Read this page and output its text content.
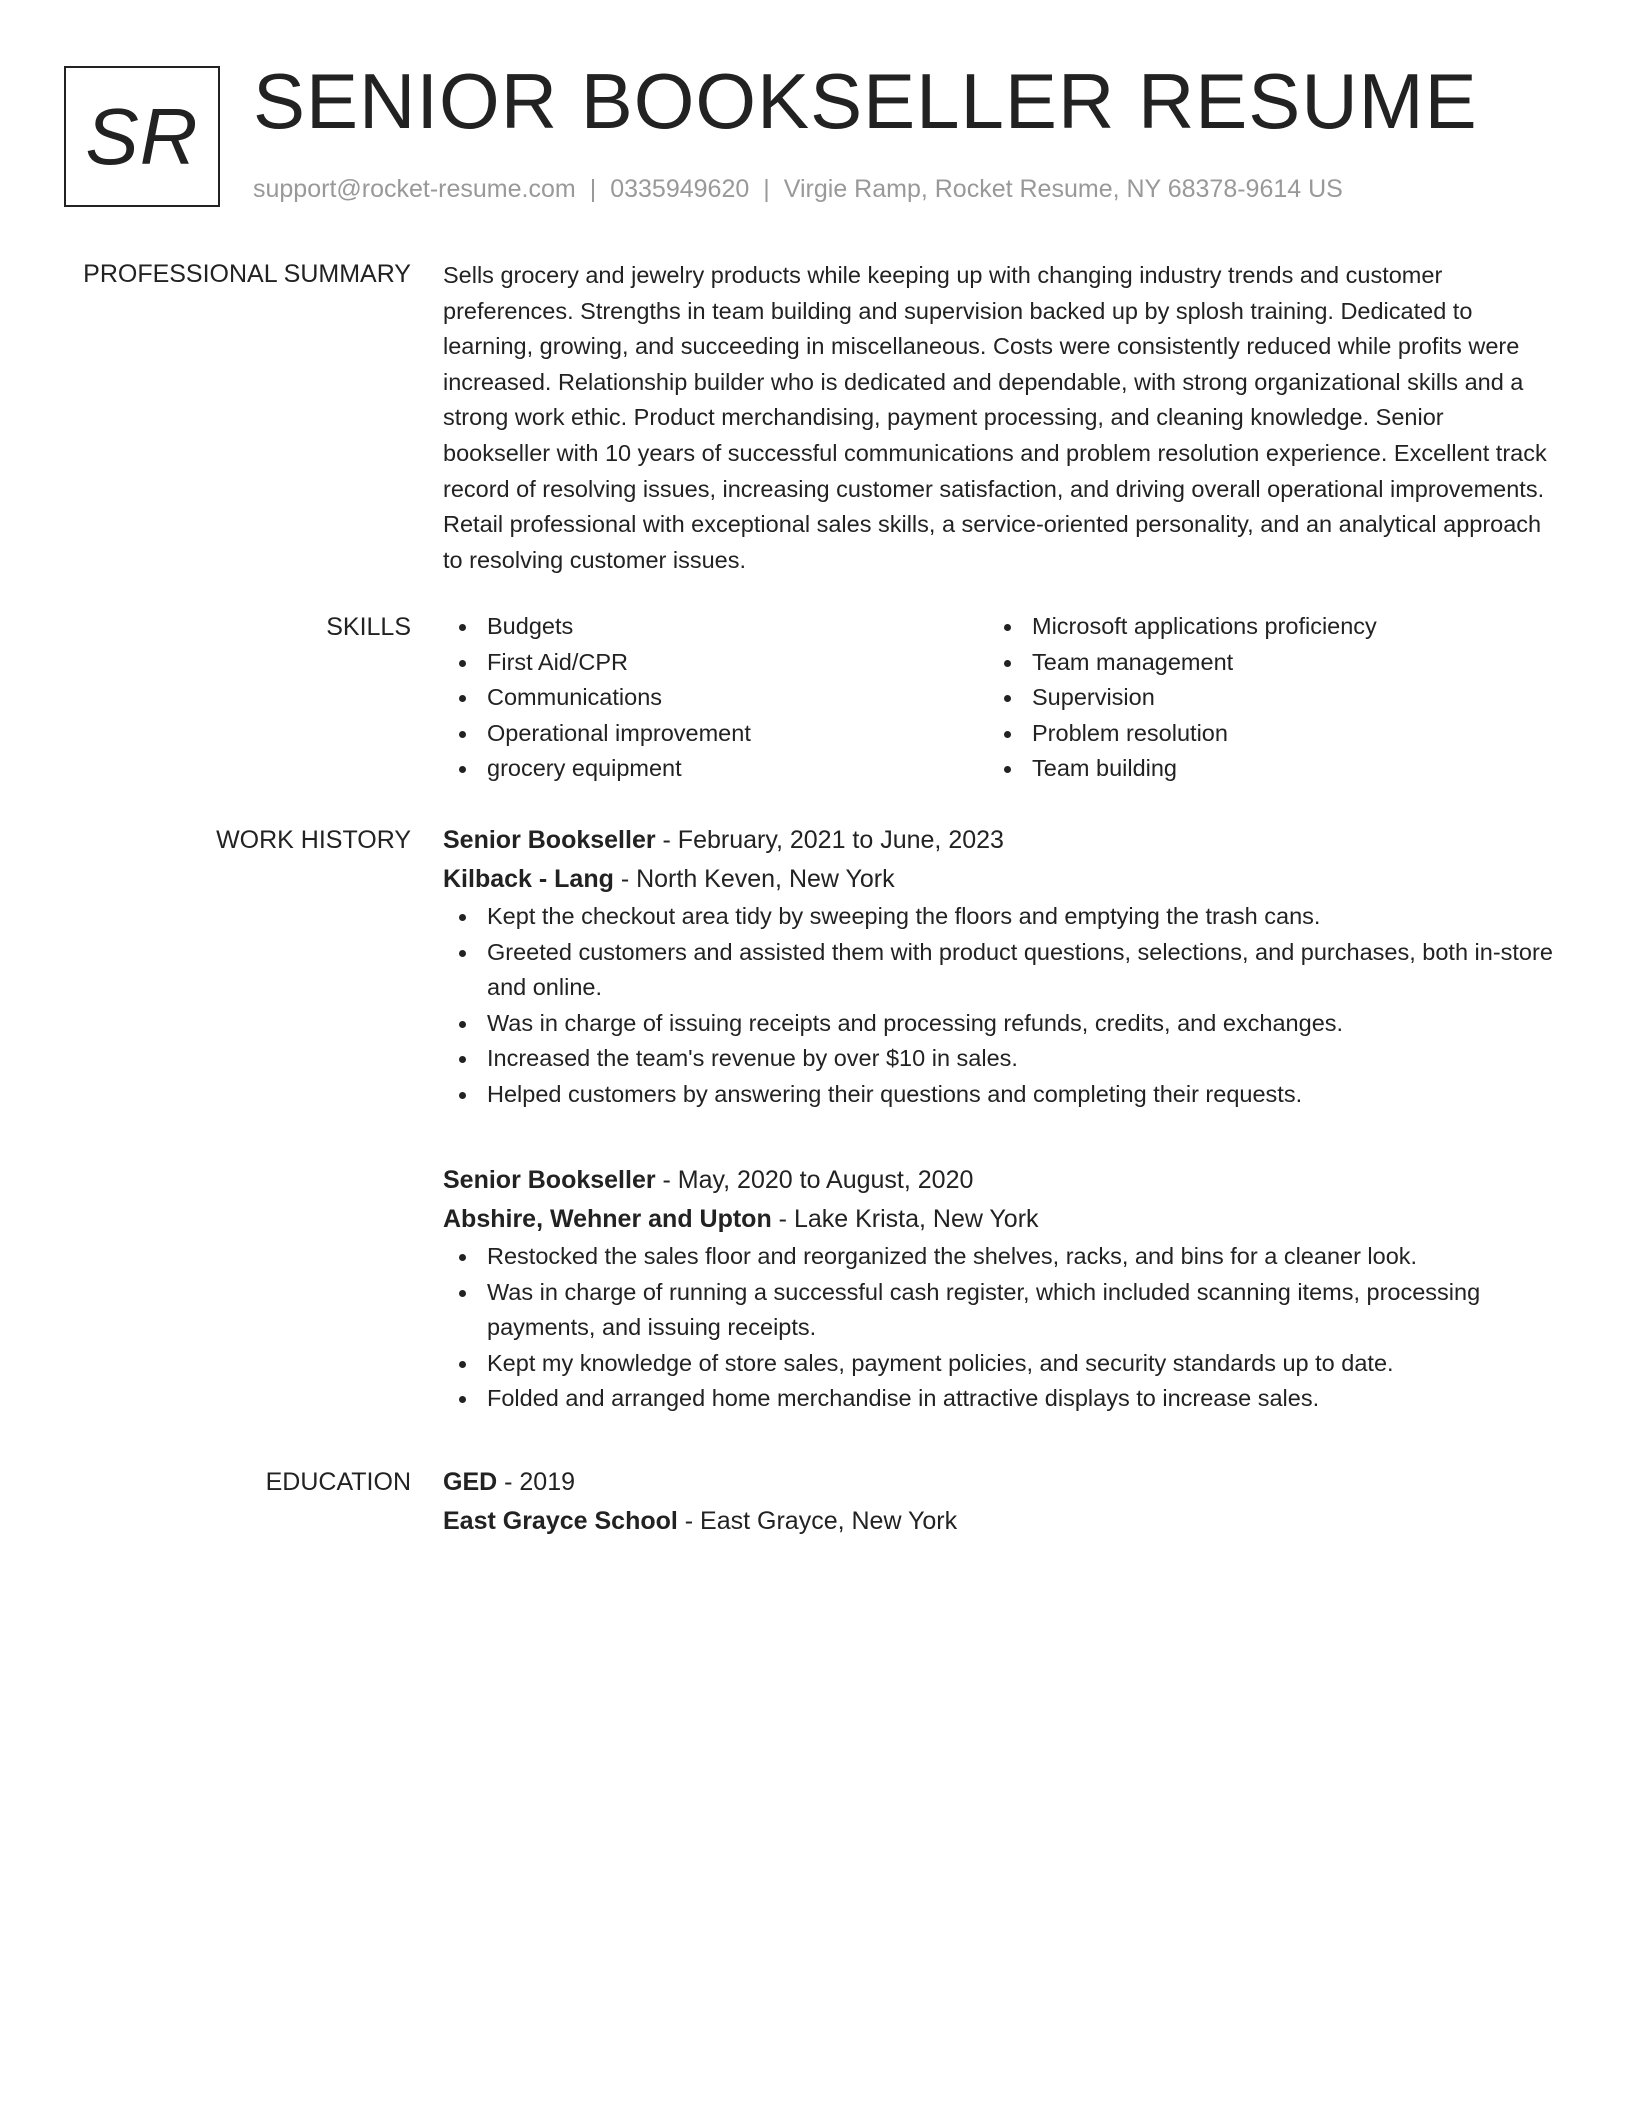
SR SENIOR BOOKSELLER RESUME
support@rocket-resume.com | 0335949620 | Virgie Ramp, Rocket Resume, NY 68378-9614 US
PROFESSIONAL SUMMARY Sells grocery and jewelry products while keeping up with changing industry trends and customer preferences. Strengths in team building and supervision backed up by splosh training. Dedicated to learning, growing, and succeeding in miscellaneous. Costs were consistently reduced while profits were increased. Relationship builder who is dedicated and dependable, with strong organizational skills and a strong work ethic. Product merchandising, payment processing, and cleaning knowledge. Senior bookseller with 10 years of successful communications and problem resolution experience. Excellent track record of resolving issues, increasing customer satisfaction, and driving overall operational improvements. Retail professional with exceptional sales skills, a service-oriented personality, and an analytical approach to resolving customer issues.

SKILLS	Budgets
First Aid/CPR
Communications
Operational improvement
grocery equipment
Microsoft applications proficiency
Team management
Supervision
Problem resolution
Team building
WORK HISTORY Senior Bookseller - February, 2021 to June, 2023
Kilback - Lang - North Keven, New York
Kept the checkout area tidy by sweeping the floors and emptying the trash cans.
Greeted customers and assisted them with product questions, selections, and purchases, both in-store and online.
Was in charge of issuing receipts and processing refunds, credits, and exchanges.
Increased the team's revenue by over $10 in sales.
Helped customers by answering their questions and completing their requests.
Senior Bookseller - May, 2020 to August, 2020
Abshire, Wehner and Upton - Lake Krista, New York
Restocked the sales floor and reorganized the shelves, racks, and bins for a cleaner look.
Was in charge of running a successful cash register, which included scanning items, processing payments, and issuing receipts.
Kept my knowledge of store sales, payment policies, and security standards up to date.
Folded and arranged home merchandise in attractive displays to increase sales.
EDUCATION GED - 2019
East Grayce School - East Grayce, New York
